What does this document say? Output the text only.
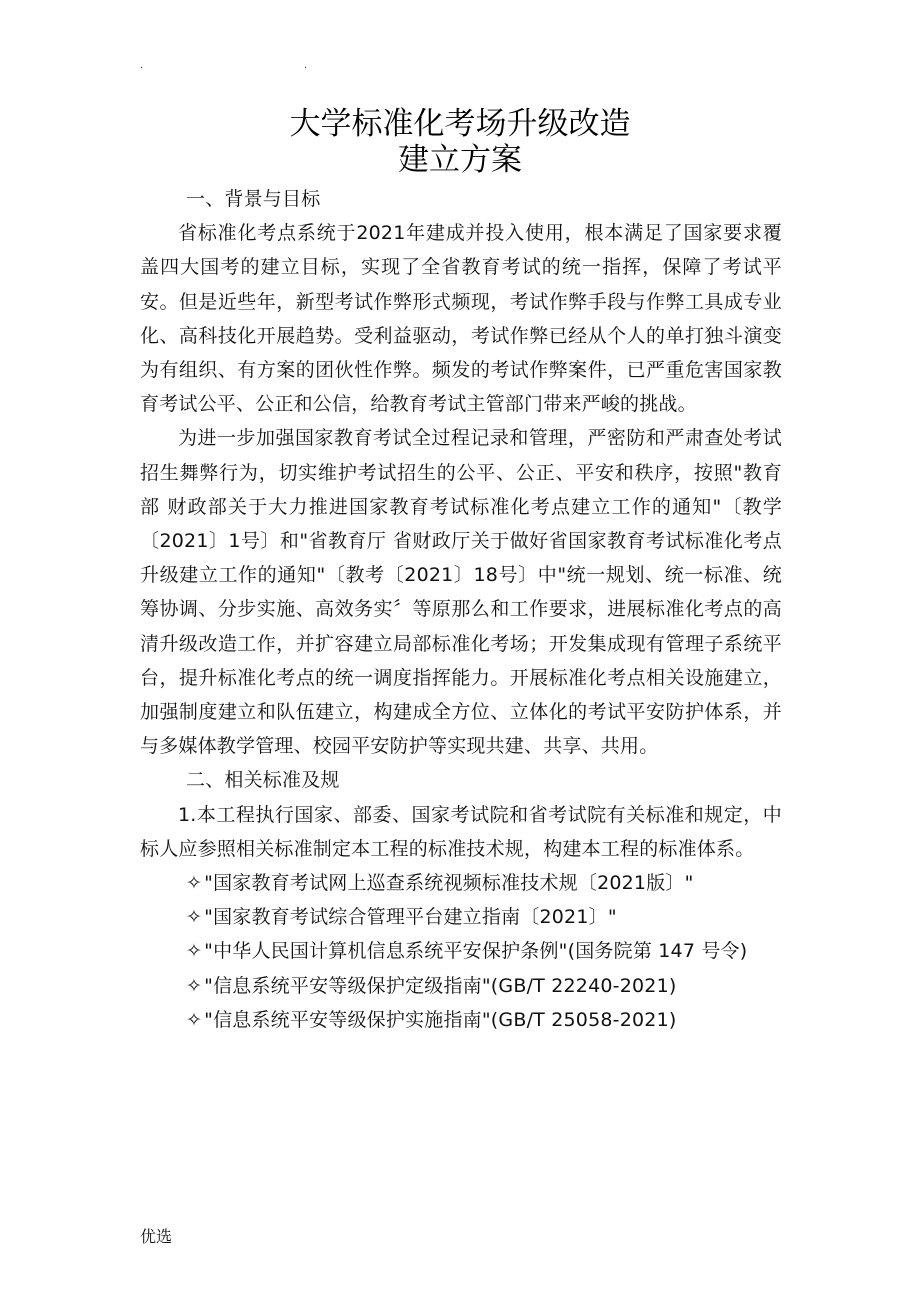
.	.
大学标准化考场升级改造
建立方案

一、背景与目标

省标准化考点系统于2021年建成并投入使用，根本满足了国家要求覆盖四大国考的建立目标，实现了全省教育考试的统一指挥，保障了考试平安。但是近些年，新型考试作弊形式频现，考试作弊手段与作弊工具成专业化、高科技化开展趋势。受利益驱动，考试作弊已经从个人的单打独斗演变为有组织、有方案的团伙性作弊。频发的考试作弊案件，已严重危害国家教育考试公平、公正和公信，给教育考试主管部门带来严峻的挑战。

为进一步加强国家教育考试全过程记录和管理，严密防和严肃查处考试招生舞弊行为，切实维护考试招生的公平、公正、平安和秩序，按照"教育部 财政部关于大力推进国家教育考试标准化考点建立工作的通知"〔教学〔2021〕1号〕和"省教育厅 省财政厅关于做好省国家教育考试标准化考点升级建立工作的通知"〔教考〔2021〕18号〕中"统一规划、统一标准、统筹协调、分步实施、高效务实〞等原那么和工作要求，进展标准化考点的高清升级改造工作，并扩容建立局部标准化考场；开发集成现有管理子系统平台，提升标准化考点的统一调度指挥能力。开展标准化考点相关设施建立，加强制度建立和队伍建立，构建成全方位、立体化的考试平安防护体系，并与多媒体教学管理、校园平安防护等实现共建、共享、共用。

二、相关标准及规

1.本工程执行国家、部委、国家考试院和省考试院有关标准和规定，中标人应参照相关标准制定本工程的标准技术规，构建本工程的标准体系。

✧ "国家教育考试网上巡查系统视频标准技术规〔2021版〕"

✧ "国家教育考试综合管理平台建立指南〔2021〕"

✧ "中华人民国计算机信息系统平安保护条例"(国务院第 147 号令)

✧ "信息系统平安等级保护定级指南"(GB/T 22240-2021)

✧ "信息系统平安等级保护实施指南"(GB/T 25058-2021)

优选
